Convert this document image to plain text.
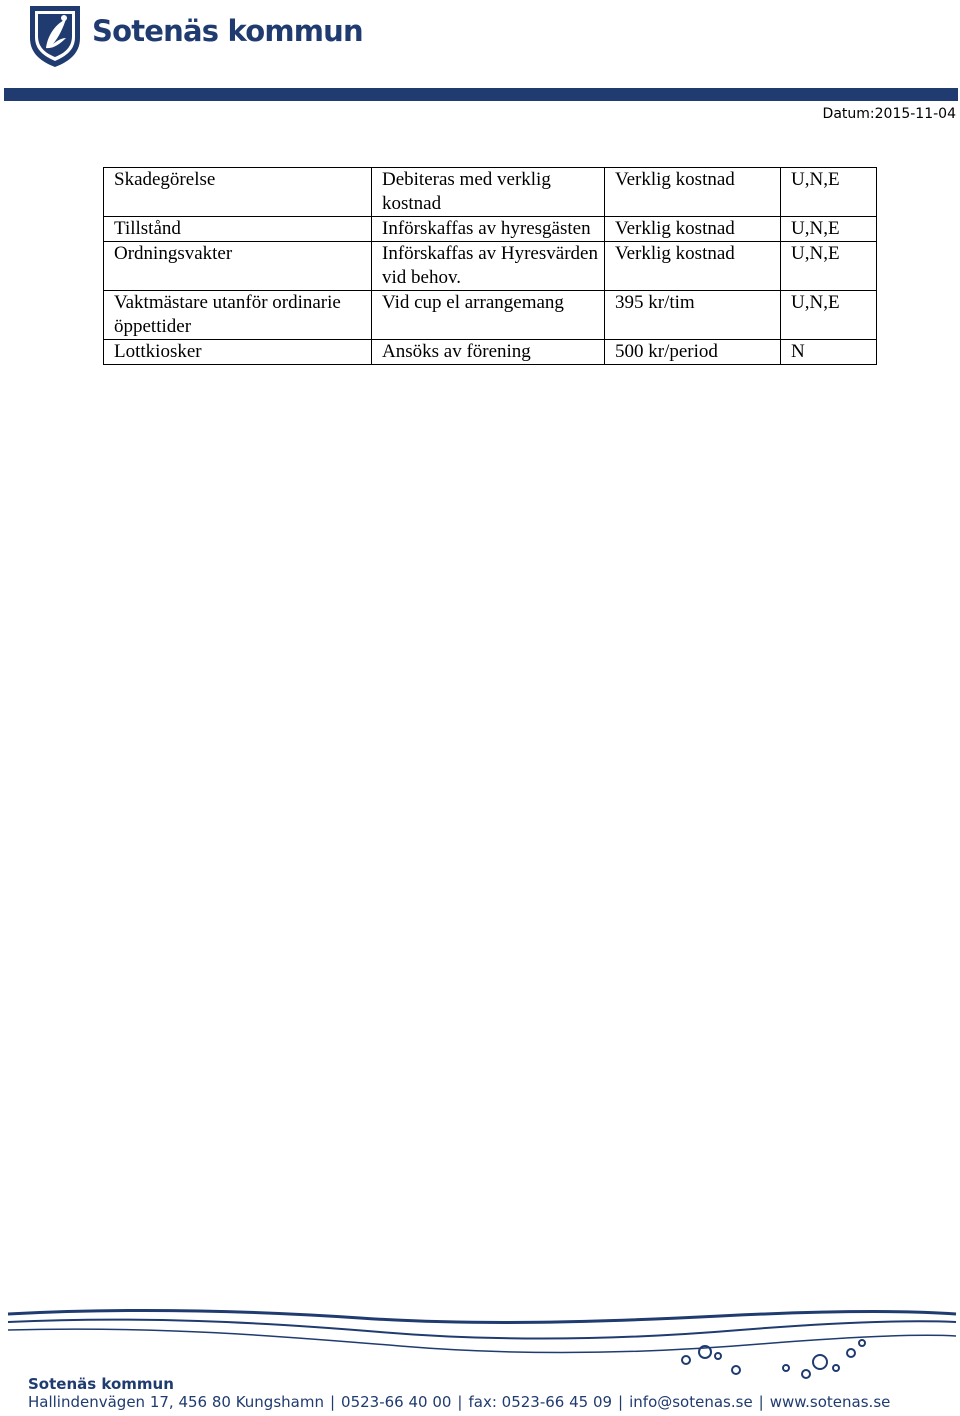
Sotenäs kommun
Datum:2015-11-04
Skadegörelse	Debiteras med verklig kostnad	Verklig kostnad	U,N,E
Tillstånd	Införskaffas av hyresgästen	Verklig kostnad	U,N,E
Ordningsvakter	Införskaffas av Hyresvärden vid behov.	Verklig kostnad	U,N,E
Vaktmästare utanför ordinarie öppettider	Vid cup el arrangemang	395 kr/tim	U,N,E
Lottkiosker	Ansöks av förening	500 kr/period	N
Sotenäs kommun
Hallindenvägen 17, 456 80 Kungshamn | 0523-66 40 00 | fax: 0523-66 45 09 | info@sotenas.se | www.sotenas.se
